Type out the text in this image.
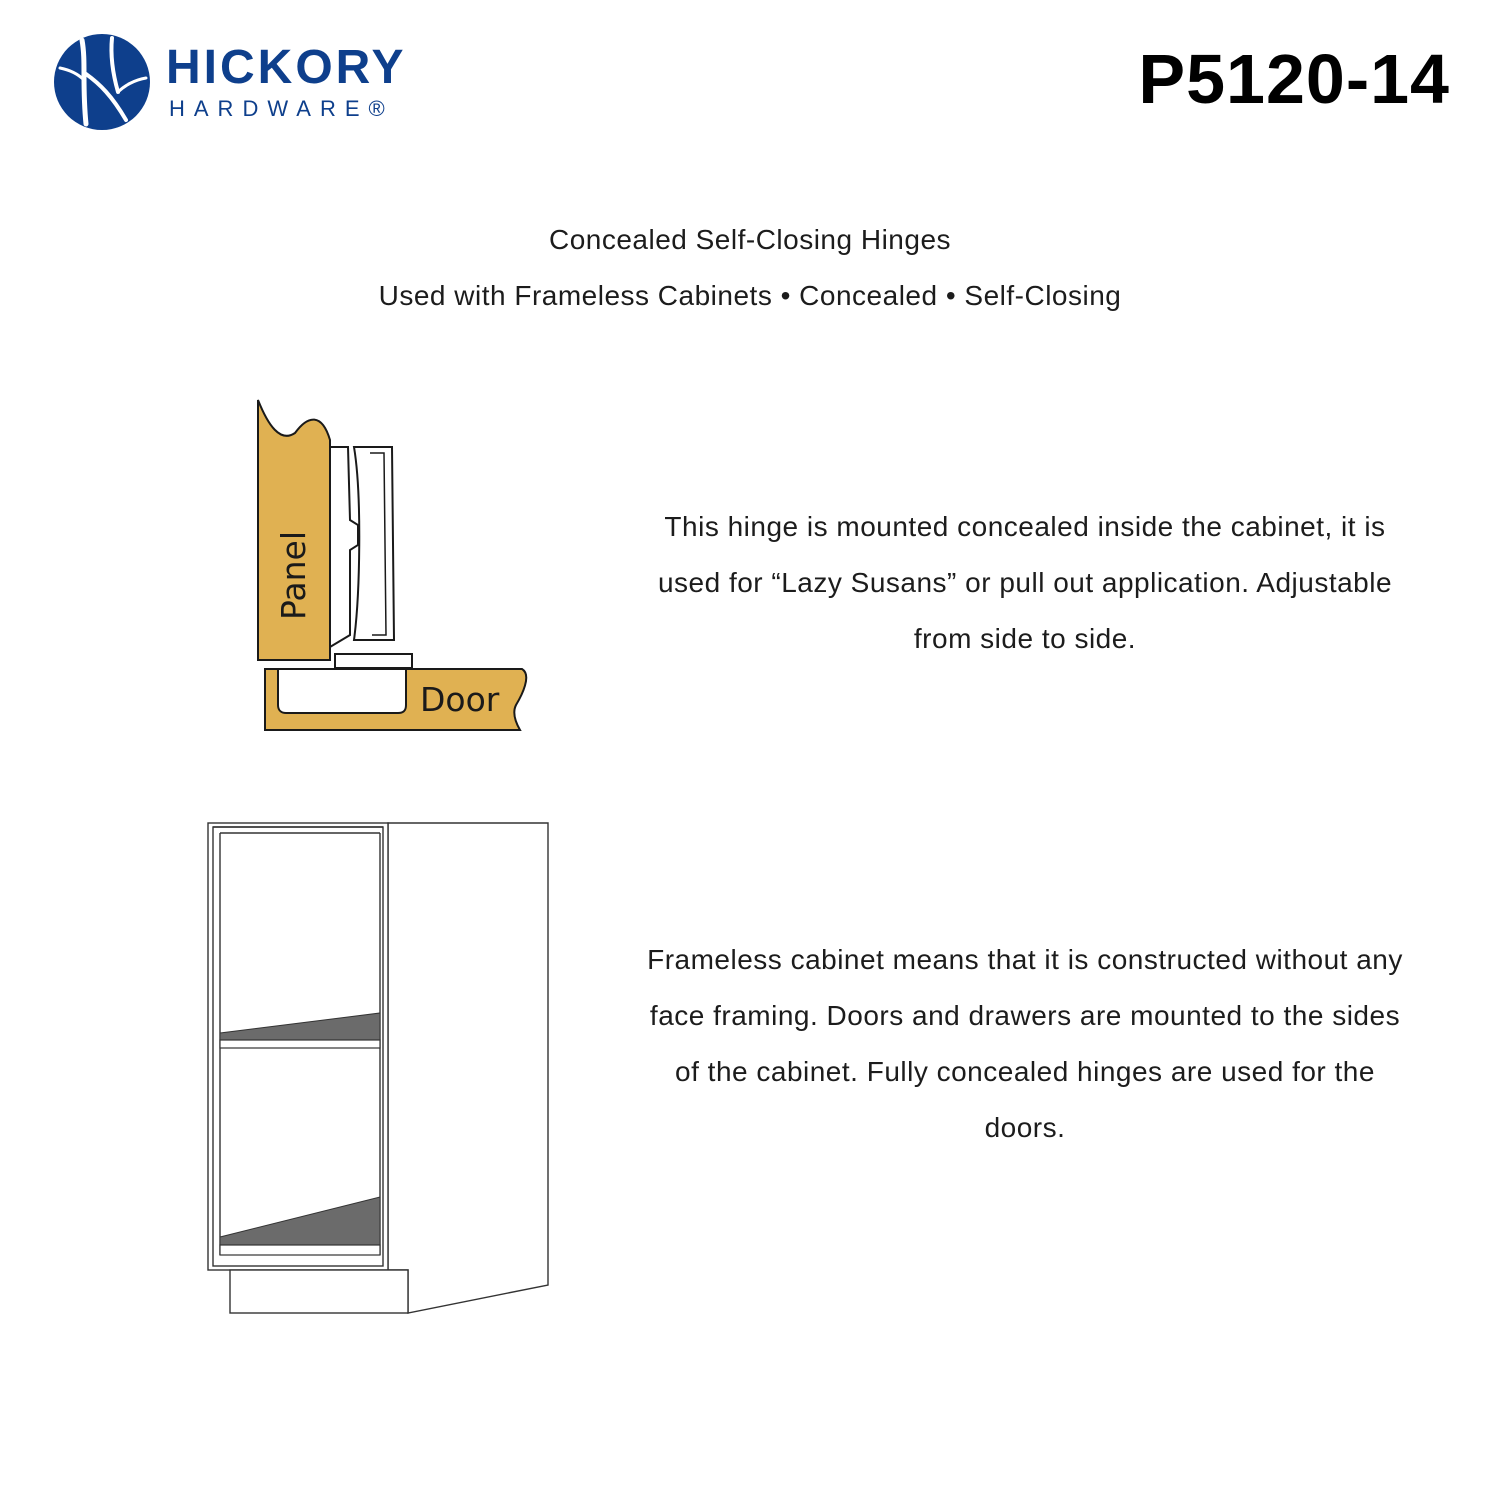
HICKORY
HARDWARE®	P5120-14
Concealed Self-Closing Hinges
Used with Frameless Cabinets • Concealed • Self-Closing
Panel
Door
This hinge is mounted concealed inside the cabinet, it is used for “Lazy Susans” or pull out application. Adjustable from side to side.
Frameless cabinet means that it is constructed without any face framing. Doors and drawers are mounted to the sides of the cabinet. Fully concealed hinges are used for the doors.
